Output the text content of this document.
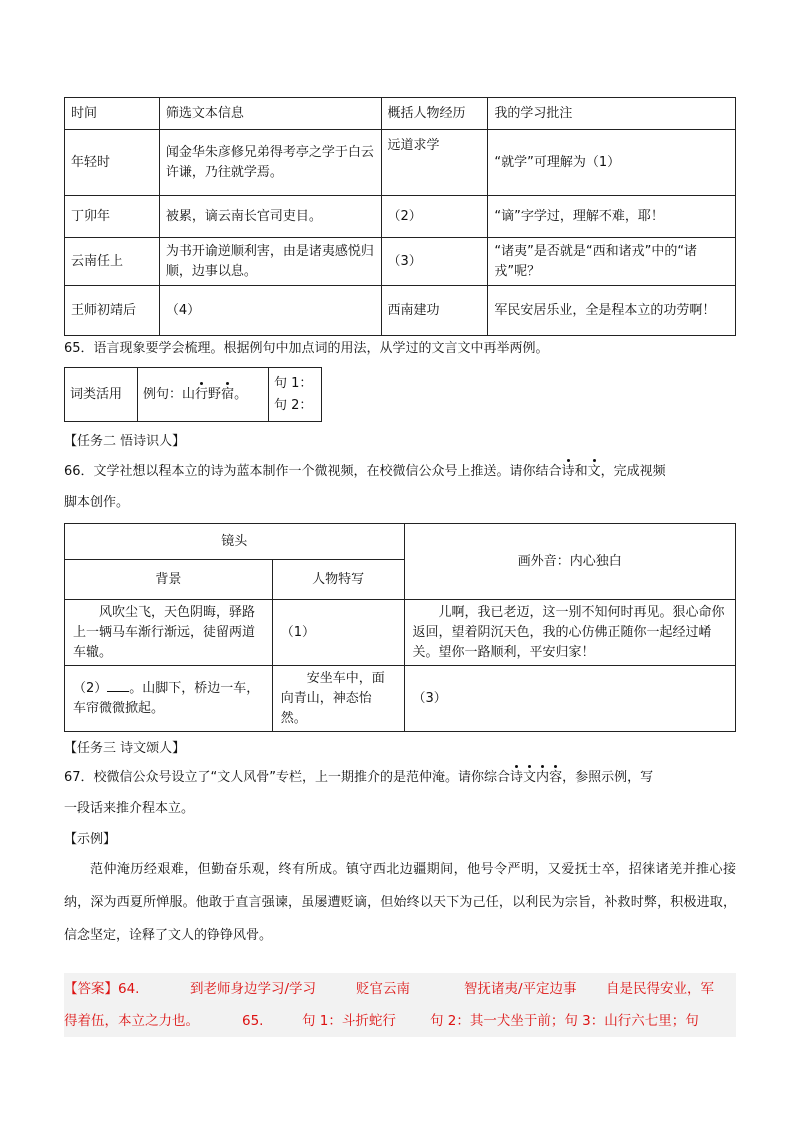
时间	筛选文本信息	概括人物经历	我的学习批注
年轻时	闻金华朱彦修兄弟得考亭之学于白云许谦，乃往就学焉。	远道求学	“就学”可理解为（1）
丁卯年	被累，谪云南长官司吏目。	（2）	“谪”字学过，理解不难，耶！
云南任上	为书开谕逆顺利害，由是诸夷感悦归顺，边事以息。	（3）	“诸夷”是否就是“西和诸戎”中的“诸戎”呢？
王师初靖后	（4）	西南建功	军民安居乐业，全是程本立的功劳啊！
65．语言现象要学会梳理。根据例句中加点词的用法，从学过的文言文中再举两例。
词类活用	例句：山行野宿。	
句 1：
句 2：
【任务二 悟诗识人】
66．文学社想以程本立的诗为蓝本制作一个微视频，在校微信公众号上推送。请你结合诗和文，完成视频
脚本创作。
镜头		画外音：内心独白
背景	人物特写	
风吹尘飞，天色阴晦，驿路上一辆马车渐行渐远，徒留两道车辙。	（1）	儿啊，我已老迈，这一别不知何时再见。狠心命你返回，望着阴沉天色，我的心仿佛正随你一起经过崤关。望你一路顺利，平安归家！
（2） 。山脚下，桥边一车，车帘微微掀起。	安坐车中，面向青山，神态怡然。	（3）
【任务三 诗文颂人】
67．校微信公众号设立了“文人风骨”专栏，上一期推介的是范仲淹。请你综合诗文内容，参照示例，写
一段话来推介程本立。
【示例】
范仲淹历经艰难，但勤奋乐观，终有所成。镇守西北边疆期间，他号令严明，又爱抚士卒，招徕诸羌并推心接纳，深为西夏所惮服。他敢于直言强谏，虽屡遭贬谪，但始终以天下为己任，以利民为宗旨，补救时弊，积极进取，信念坚定，诠释了文人的铮铮风骨。
【答案】64.	到老师身边学习/学习	贬官云南	智抚诸夷/平定边事 自是民得安业，军
得着伍，本立之力也。	65.	句 1：斗折蛇行	句 2：其一犬坐于前；句 3：山行六七里；句
